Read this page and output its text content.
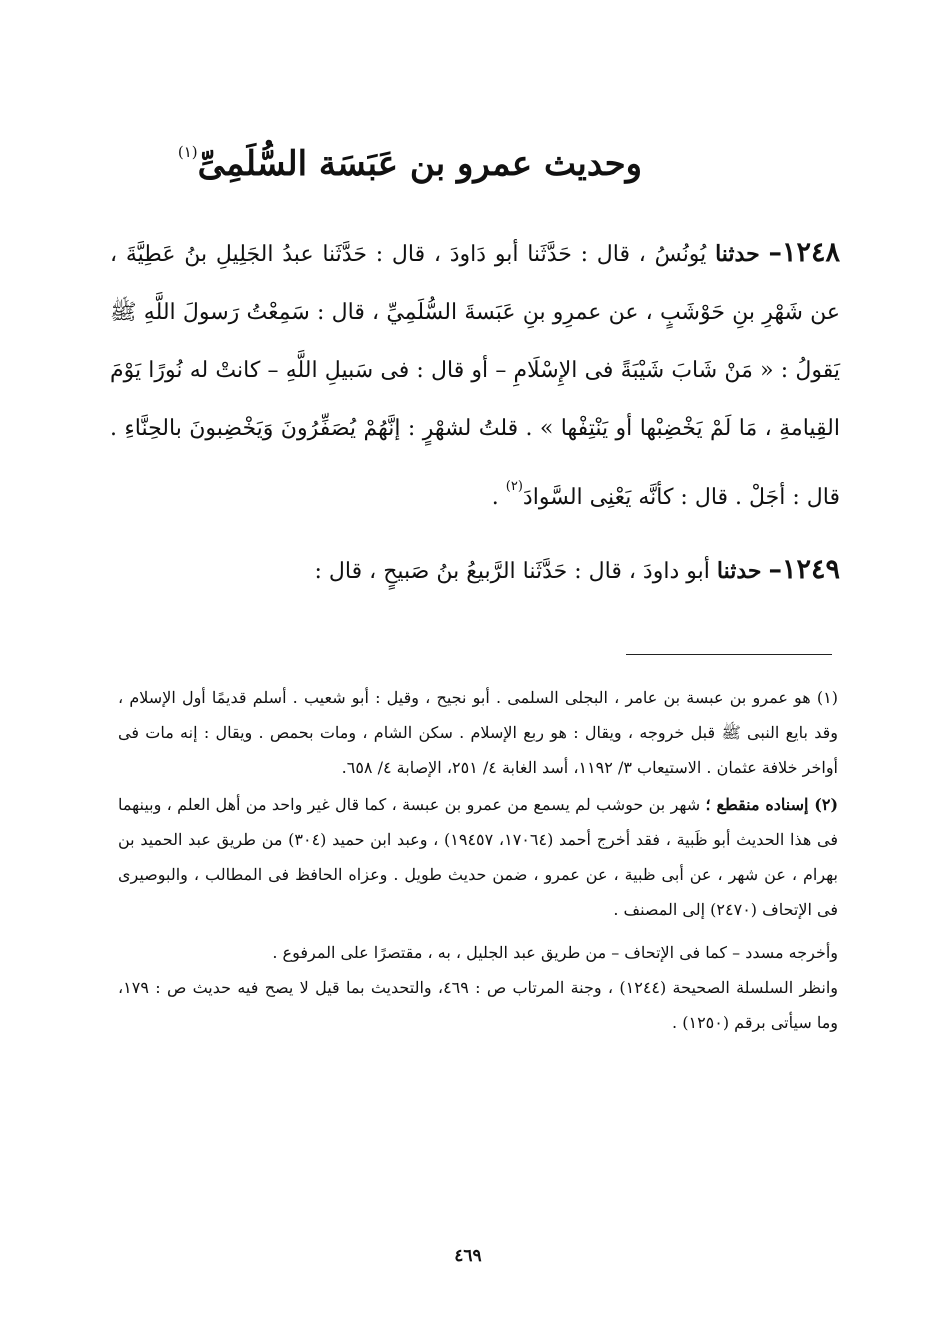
وحديث عمرو بن عَبَسَة السُّلَمِىِّ$^{(١)}$

١٢٤٨– حدثنا يُونُسُ ، قال : حَدَّثَنا أبو دَاودَ ، قال : حَدَّثَنا عبدُ الجَلِيلِ بنُ عَطِيَّةَ ، عن شَهْرِ بنِ حَوْشَبٍ ، عن عمرِو بنِ عَبَسةَ السُّلَمِيِّ ، قال : سَمِعْتُ رَسولَ اللَّهِ ﷺ يَقولُ : « مَنْ شَابَ شَيْبَةً فى الإِسْلَامِ – أو قال : فى سَبيلِ اللَّهِ – كانتْ له نُورًا يَوْمَ القِيامةِ ، مَا لَمْ يَخْضِبْها أو يَنْتِفْها » . قلتُ لشهْرٍ : إنَّهُمْ يُصَفِّرُونَ وَيَخْضِبونَ بالحِنَّاءِ . قال : أجَلْ . قال : كأنَّه يَعْنِى السَّوادَ$^{(٢)}$ .

١٢٤٩– حدثنا أبو داودَ ، قال : حَدَّثَنا الرَّبيعُ بنُ صَبيحٍ ، قال :

(١) هو عمرو بن عبسة بن عامر ، البجلى السلمى . أبو نجيح ، وقيل : أبو شعيب . أسلم قديمًا أول الإسلام ، وقد بايع النبى ﷺ قبل خروجه ، ويقال : هو ربع الإسلام . سكن الشام ، ومات بحمص . ويقال : إنه مات فى أواخر خلافة عثمان . الاستيعاب ٣/ ١١٩٢، أسد الغابة ٤/ ٢٥١، الإصابة ٤/ ٦٥٨.

(٢) إسناده منقطع ؛ شهر بن حوشب لم يسمع من عمرو بن عبسة ، كما قال غير واحد من أهل العلم ، وبينهما فى هذا الحديث أبو ظَبية ، فقد أخرج أحمد (١٧٠٦٤، ١٩٤٥٧) ، وعبد ابن حميد (٣٠٤) من طريق عبد الحميد بن بهرام ، عن شهر ، عن أبى ظبية ، عن عمرو ، ضمن حديث طويل . وعزاه الحافظ فى المطالب ، والبوصيرى فى الإتحاف (٢٤٧٠) إلى المصنف .

وأخرجه مسدد – كما فى الإتحاف – من طريق عبد الجليل ، به ، مقتصرًا على المرفوع .

وانظر السلسلة الصحيحة (١٢٤٤) ، وجنة المرتاب ص : ٤٦٩، والتحديث بما قيل لا يصح فيه حديث ص : ١٧٩، وما سيأتى برقم (١٢٥٠) .

٤٦٩
